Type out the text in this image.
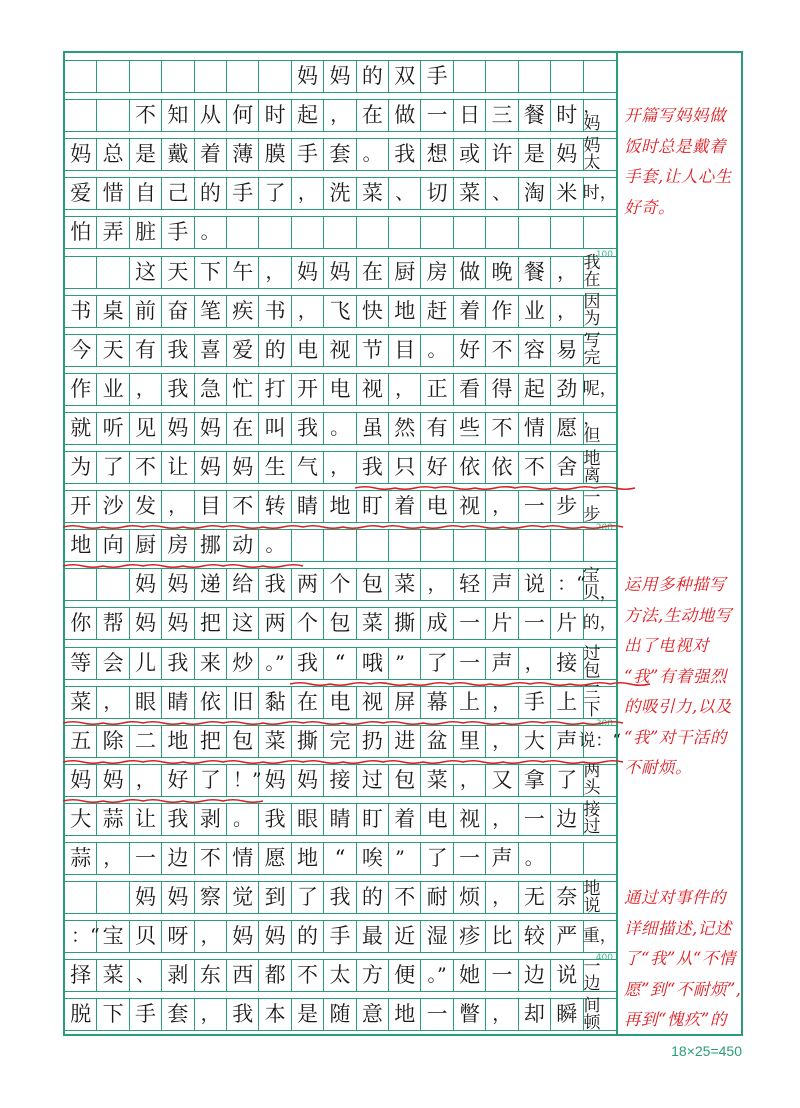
妈 妈 的 双 手
不 知 从 何 时 起 ， 在 做 一 日 三 餐 时 ，妈
妈 总 是 戴 着 薄 膜 手 套 。 我 想 或 许 是 妈 妈太
爱 惜 自 己 的 手 了 ， 洗 菜 、 切 菜 、 淘 米 时，
怕 弄 脏 手 。
这 天 下 午 ， 妈 妈 在 厨 房 做 晚 餐 ， 我在
书 桌 前 奋 笔 疾 书 ， 飞 快 地 赶 着 作 业 ， 因为
今 天 有 我 喜 爱 的 电 视 节 目 。 好 不 容 易 写完
作 业 ， 我 急 忙 打 开 电 视 ， 正 看 得 起 劲 呢，
就 听 见 妈 妈 在 叫 我 。 虽 然 有 些 不 情 愿 ，但
为 了 不 让 妈 妈 生 气 ， 我 只 好 依 依 不 舍 地离
开 沙 发 ， 目 不 转 睛 地 盯 着 电 视 ， 一 步 一步
地 向 厨 房 挪 动 。
妈 妈 递 给 我 两 个 包 菜 ， 轻 声 说 ：“
宝贝，
你 帮 妈 妈 把 这 两 个 包 菜 撕 成 一 片 一 片 的，
等 会 儿 我 来 炒 。” 我 “ 哦 ”	了 一 声 ， 接 过包
菜 ， 眼 睛 依 旧 黏 在 电 视 屏 幕 上 ， 手 上 三下
五 除 二 地 把 包 菜 撕 完 扔 进 盆 里 ， 大 声 说：“
妈 妈 ， 好 了 ！” 妈 妈 接 过 包 菜 ， 又 拿 了 两头
大 蒜 让 我 剥 。 我 眼 睛 盯 着 电 视 ， 一 边 接过
蒜 ， 一 边 不 情 愿 地 “ 唉 ”	了 一 声 。
妈 妈 察 觉 到 了 我 的 不 耐 烦 ， 无 奈 地说
：“ 宝 贝 呀 ， 妈 妈 的 手 最 近 湿 疹 比 较 严 重，
择 菜 、 剥 东 西 都 不 太 方 便 。” 她 一 边 说 一边
脱 下 手 套 ， 我 本 是 随 意 地 一 瞥 ， 却 瞬 间顿
开篇写妈妈做
饭时总是戴着
手套,让人心生
好奇。
运用多种描写
方法,生动地写
出了电视对
“我”有着强烈
的吸引力,以及
“我”对干活的
不耐烦。
通过对事件的
详细描述,记述
了“我”从“不情
愿”到“不耐烦”,
再到“愧疚”的
100
200
300
400
18×25=450
